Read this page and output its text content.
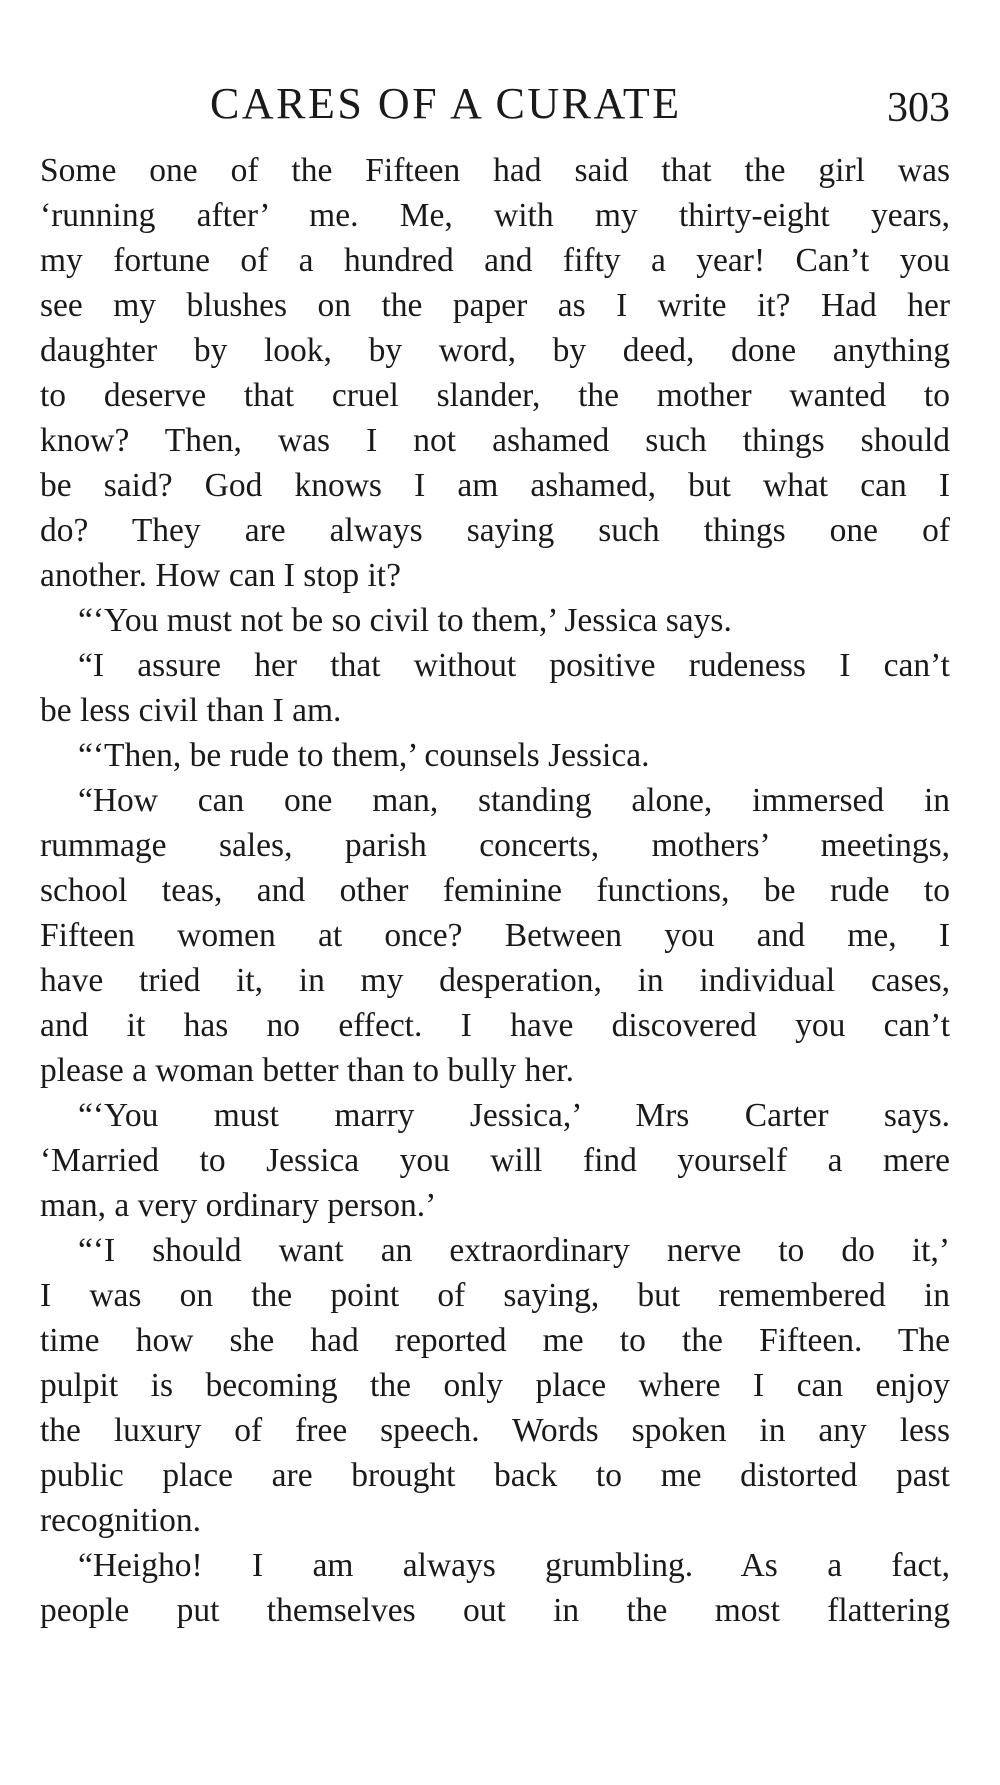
CARES OF A CURATE	303

Some one of the Fifteen had said that the girl was
‘running after’ me. Me, with my thirty-eight years,
my fortune of a hundred and fifty a year! Can’t you
see my blushes on the paper as I write it? Had her
daughter by look, by word, by deed, done anything
to deserve that cruel slander, the mother wanted to
know? Then, was I not ashamed such things should
be said? God knows I am ashamed, but what can I
do? They are always saying such things one of
another. How can I stop it?

“‘You must not be so civil to them,’ Jessica says.

“I assure her that without positive rudeness I can’t
be less civil than I am.

“‘Then, be rude to them,’ counsels Jessica.

“How can one man, standing alone, immersed in
rummage sales, parish concerts, mothers’ meetings,
school teas, and other feminine functions, be rude to
Fifteen women at once? Between you and me, I
have tried it, in my desperation, in individual cases,
and it has no effect. I have discovered you can’t
please a woman better than to bully her.

“‘You must marry Jessica,’ Mrs Carter says.
‘Married to Jessica you will find yourself a mere
man, a very ordinary person.’

“‘I should want an extraordinary nerve to do it,’
I was on the point of saying, but remembered in
time how she had reported me to the Fifteen. The
pulpit is becoming the only place where I can enjoy
the luxury of free speech. Words spoken in any less
public place are brought back to me distorted past
recognition.

“Heigho! I am always grumbling. As a fact,
people put themselves out in the most flattering
